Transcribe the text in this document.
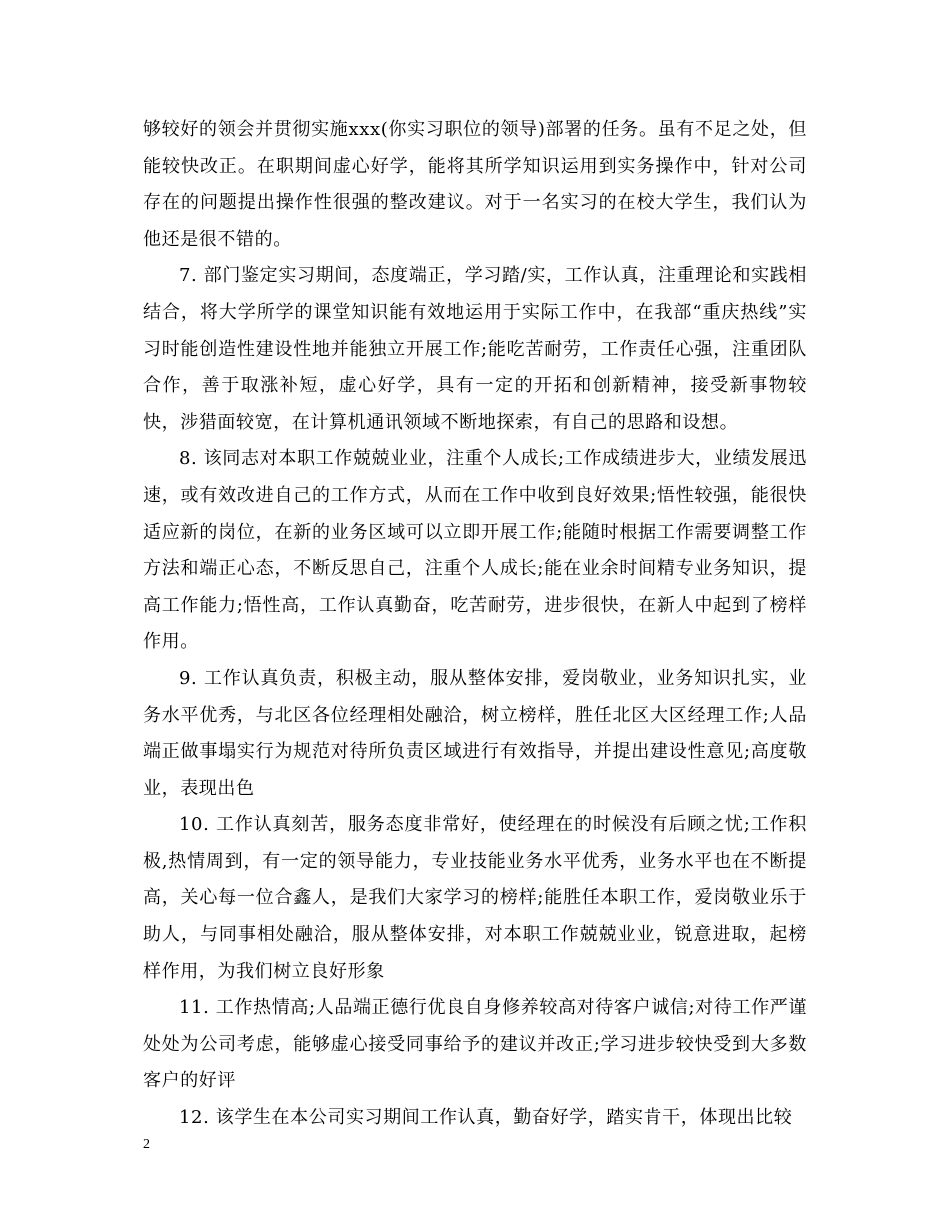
够较好的领会并贯彻实施xxx(你实习职位的领导)部署的任务。虽有不足之处，但能较快改正。在职期间虚心好学，能将其所学知识运用到实务操作中，针对公司存在的问题提出操作性很强的整改建议。对于一名实习的在校大学生，我们认为他还是很不错的。

7. 部门鉴定实习期间，态度端正，学习踏/实，工作认真，注重理论和实践相结合，将大学所学的课堂知识能有效地运用于实际工作中，在我部“重庆热线”实习时能创造性建设性地并能独立开展工作;能吃苦耐劳，工作责任心强，注重团队合作，善于取涨补短，虚心好学，具有一定的开拓和创新精神，接受新事物较快，涉猎面较宽，在计算机通讯领域不断地探索，有自己的思路和设想。

8. 该同志对本职工作兢兢业业，注重个人成长;工作成绩进步大，业绩发展迅速，或有效改进自己的工作方式，从而在工作中收到良好效果;悟性较强，能很快适应新的岗位，在新的业务区域可以立即开展工作;能随时根据工作需要调整工作方法和端正心态，不断反思自己，注重个人成长;能在业余时间精专业务知识，提高工作能力;悟性高，工作认真勤奋，吃苦耐劳，进步很快，在新人中起到了榜样作用。

9. 工作认真负责，积极主动，服从整体安排，爱岗敬业，业务知识扎实，业务水平优秀，与北区各位经理相处融洽，树立榜样，胜任北区大区经理工作;人品端正做事塌实行为规范对待所负责区域进行有效指导，并提出建设性意见;高度敬业，表现出色

10. 工作认真刻苦，服务态度非常好，使经理在的时候没有后顾之忧;工作积极,热情周到，有一定的领导能力，专业技能业务水平优秀，业务水平也在不断提高，关心每一位合鑫人，是我们大家学习的榜样;能胜任本职工作，爱岗敬业乐于助人，与同事相处融洽，服从整体安排，对本职工作兢兢业业，锐意进取，起榜样作用，为我们树立良好形象

11. 工作热情高;人品端正德行优良自身修养较高对待客户诚信;对待工作严谨处处为公司考虑，能够虚心接受同事给予的建议并改正;学习进步较快受到大多数客户的好评

12. 该学生在本公司实习期间工作认真，勤奋好学，踏实肯干，体现出比较

2
